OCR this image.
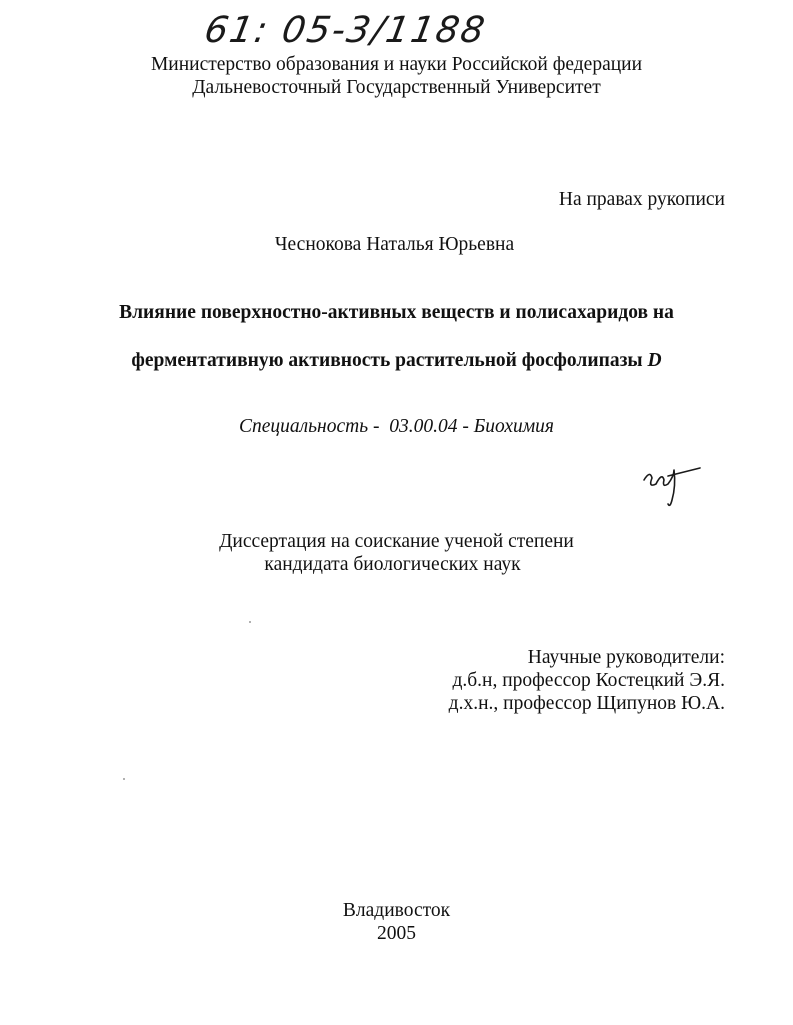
61: 05-3/1188
Министерство образования и науки Российской федерации
Дальневосточный Государственный Университет
На правах рукописи
Чеснокова Наталья Юрьевна
Влияние поверхностно-активных веществ и полисахаридов на
ферментативную активность растительной фосфолипазы D
Специальность -  03.00.04 - Биохимия
Диссертация на соискание ученой степени
кандидата биологических наук
Научные руководители:
д.б.н, профессор Костецкий Э.Я.
д.х.н., профессор Щипунов Ю.А.
Владивосток
2005
